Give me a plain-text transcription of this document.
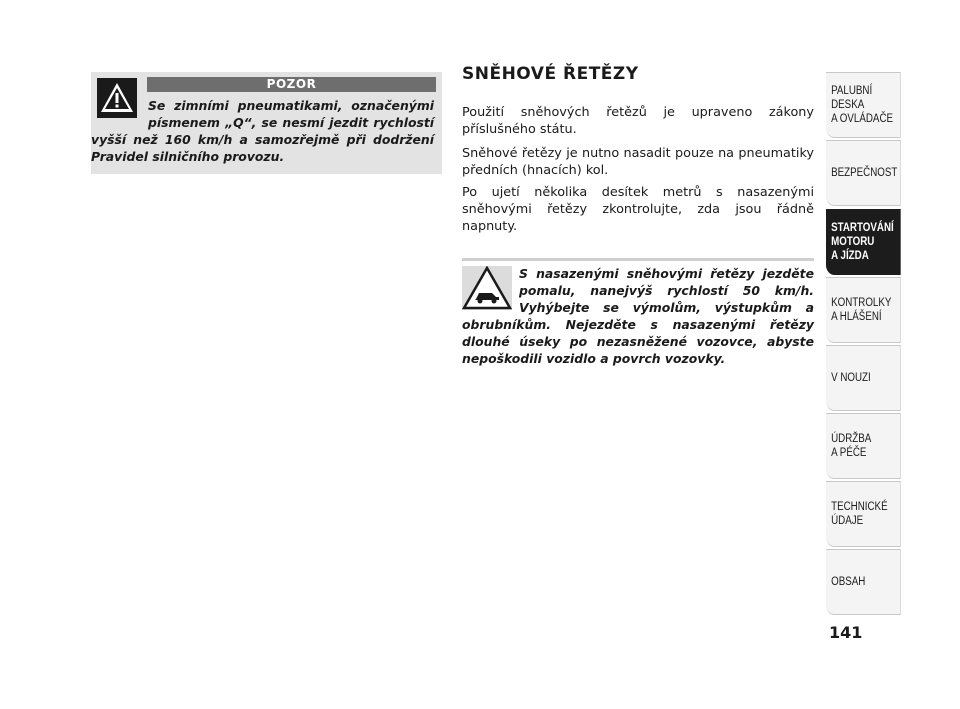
POZOR
Se zimními pneumatikami, označenými písmenem „Q“, se nesmí jezdit rychlostí vyšší než 160 km/h a samozřejmě při dodržení Pravidel silničního provozu.
SNĚHOVÉ ŘETĚZY

Použití sněhových řetězů je upraveno zákony příslušného státu.

Sněhové řetězy je nutno nasadit pouze na pneumatiky předních (hnacích) kol.

Po ujetí několika desítek metrů s nasazenými sněhovými řetězy zkontrolujte, zda jsou řádně napnuty.

S nasazenými sněhovými řetězy jezděte pomalu, nanejvýš rychlostí 50 km/h. Vyhýbejte se výmolům, výstupkům a obrubníkům. Nejezděte s nasazenými řetězy dlouhé úseky po nezasněžené vozovce, abyste nepoškodili vozidlo a povrch vozovky.
PALUBNÍ DESKA
A OVLÁDAČE
BEZPEČNOST
STARTOVÁNÍ
MOTORU
A JÍZDA
KONTROLKY
A HLÁŠENÍ
V NOUZI
ÚDRŽBA
A PÉČE
TECHNICKÉ
ÚDAJE
OBSAH
141
